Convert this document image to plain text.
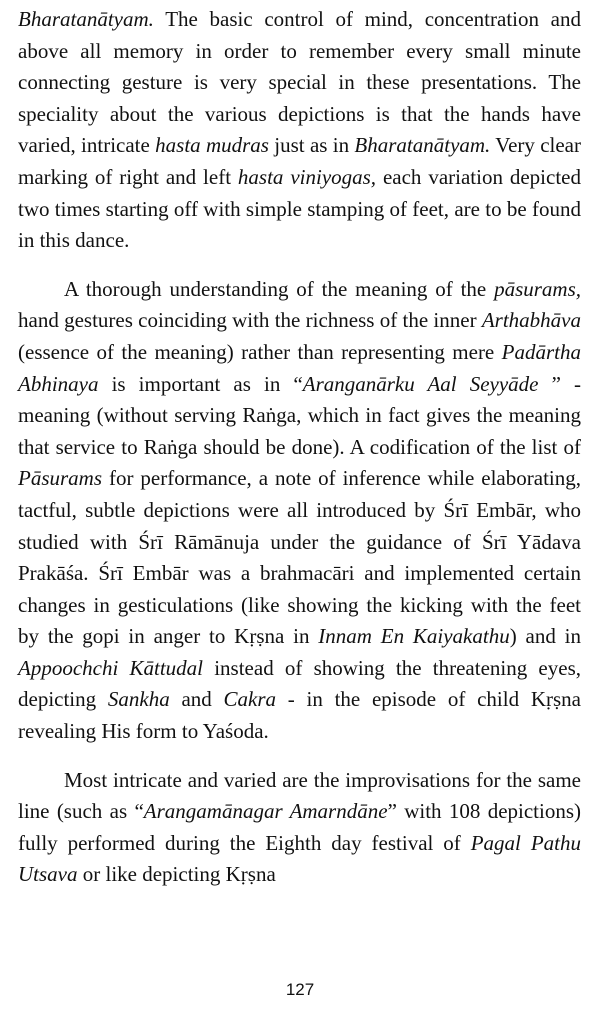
Bharatanātyam. The basic control of mind, concentration and above all memory in order to remember every small minute connecting gesture is very special in these presentations. The speciality about the various depictions is that the hands have varied, intricate hasta mudras just as in Bharatanātyam. Very clear marking of right and left hasta viniyogas, each variation depicted two times starting off with simple stamping of feet, are to be found in this dance.

A thorough understanding of the meaning of the pāsurams, hand gestures coinciding with the richness of the inner Arthabhāva (essence of the meaning) rather than representing mere Padārtha Abhinaya is important as in “Aranganārku Aal Seyyāde ” - meaning (without serving Raṅga, which in fact gives the meaning that service to Raṅga should be done). A codification of the list of Pāsurams for performance, a note of inference while elaborating, tactful, subtle depictions were all introduced by Śrī Embār, who studied with Śrī Rāmānuja under the guidance of Śrī Yādava Prakāśa. Śrī Embār was a brahmacāri and implemented certain changes in gesticulations (like showing the kicking with the feet by the gopi in anger to Kṛṣna in Innam En Kaiyakathu) and in Appoochchi Kāttudal instead of showing the threatening eyes, depicting Sankha and Cakra - in the episode of child Kṛṣna revealing His form to Yaśoda.

Most intricate and varied are the improvisations for the same line (such as “Arangamānagar Amarndāne” with 108 depictions) fully performed during the Eighth day festival of Pagal Pathu Utsava or like depicting Kṛṣna

127
